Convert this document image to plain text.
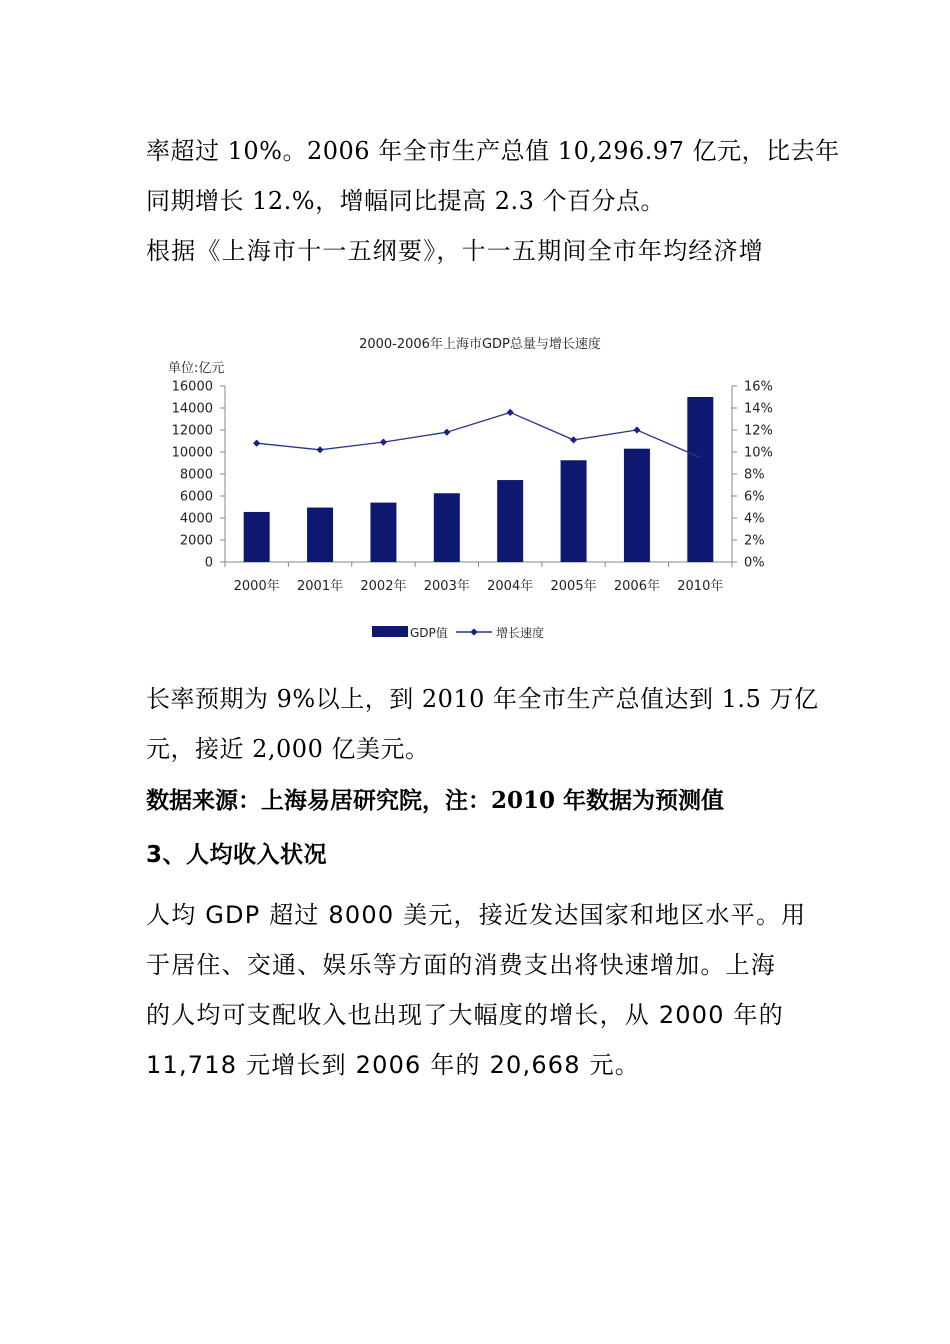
率超过 10%。2006 年全市生产总值 10,296.97 亿元，比去年
同期增长 12.%，增幅同比提高 2.3 个百分点。
根据《上海市十一五纲要》，十一五期间全市年均经济增
2000-2006年上海市GDP总量与增长速度
单位:亿元
0
2000
4000
6000
8000
10000
12000
14000
16000
0%
2%
4%
6%
8%
10%
12%
14%
16%
2000年 2001年 2002年 2003年 2004年 2005年 2006年 2010年
GDP值	增长速度
长率预期为 9%以上，到 2010 年全市生产总值达到 1.5 万亿
元，接近 2,000 亿美元。
数据来源：上海易居研究院，注：2010 年数据为预测值
3、人均收入状况
人均 GDP 超过 8000 美元，接近发达国家和地区水平。用
于居住、交通、娱乐等方面的消费支出将快速增加。上海
的人均可支配收入也出现了大幅度的增长，从 2000 年的
11,718 元增长到 2006 年的 20,668 元。
